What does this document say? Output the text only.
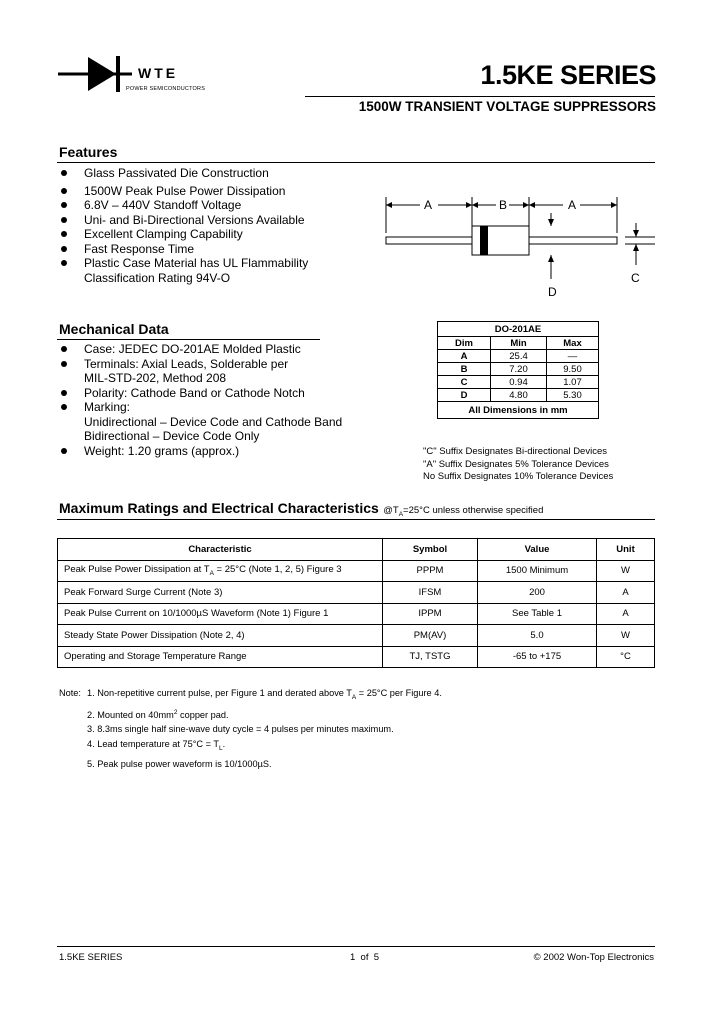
WTE
POWER SEMICONDUCTORS	1.5KE SERIES
1500W TRANSIENT VOLTAGE SUPPRESSORS
Features
Glass Passivated Die Construction
1500W Peak Pulse Power Dissipation
6.8V – 440V Standoff Voltage
Uni- and Bi-Directional Versions Available
Excellent Clamping Capability
Fast Response Time
Plastic Case Material has UL Flammability
Classification Rating 94V-O
A	B	A
C
D
Mechanical Data
Case: JEDEC DO-201AE Molded Plastic
Terminals: Axial Leads, Solderable per
MIL-STD-202, Method 208
Polarity: Cathode Band or Cathode Notch
Marking:
Unidirectional – Device Code and Cathode Band
Bidirectional – Device Code Only
Weight: 1.20 grams (approx.)
DO-201AE		
Dim	Min	Max
A	25.4	—
B	7.20	9.50
C	0.94	1.07
D	4.80	5.30
All Dimensions in mm		
"C" Suffix Designates Bi-directional Devices
"A" Suffix Designates 5% Tolerance Devices
No Suffix Designates 10% Tolerance Devices
Maximum Ratings and Electrical Characteristics $@T_A=25^\circ C$ unless otherwise specified
Characteristic	Symbol	Value	Unit
Peak Pulse Power Dissipation at $T_A = 25^\circ C$ (Note 1, 2, 5) Figure 3	PPPM	1500 Minimum	W
Peak Forward Surge Current (Note 3)	IFSM	200	A
Peak Pulse Current on 10/1000µS Waveform (Note 1) Figure 1	IPPM	See Table 1	A
Steady State Power Dissipation (Note 2, 4)	PM(AV)	5.0	W
Operating and Storage Temperature Range	TJ, TSTG	-65 to +175	°C
Note: 1. Non-repetitive current pulse, per Figure 1 and derated above $T_A = 25^\circ C$ per Figure 4.
2. Mounted on $40mm^2$ copper pad.
3. 8.3ms single half sine-wave duty cycle = 4 pulses per minutes maximum.
4. Lead temperature at $75^\circ C = T_L$.
5. Peak pulse power waveform is 10/1000µS.
1.5KE SERIES	1  of  5	© 2002 Won-Top Electronics
